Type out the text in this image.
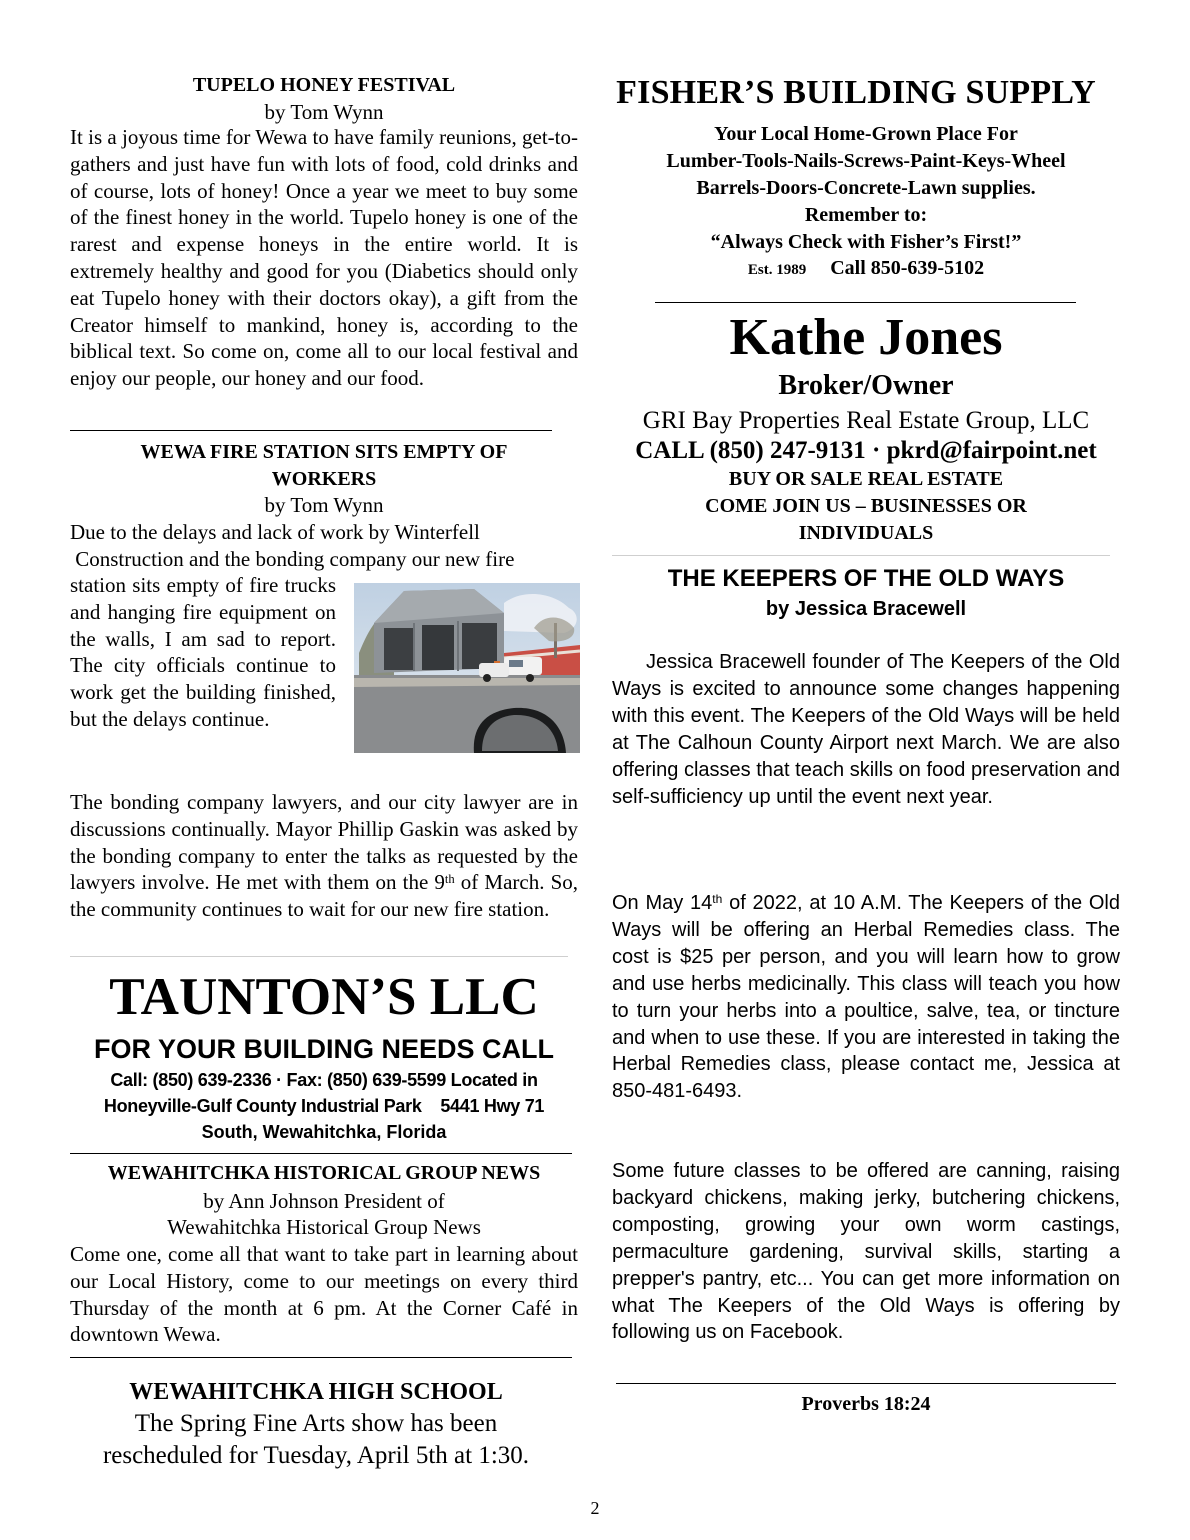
TUPELO HONEY FESTIVAL
by Tom Wynn

It is a joyous time for Wewa to have family reunions, get-to-gathers and just have fun with lots of food, cold drinks and of course, lots of honey! Once a year we meet to buy some of the finest honey in the world. Tupelo honey is one of the rarest and expense honeys in the entire world. It is extremely healthy and good for you (Diabetics should only eat Tupelo honey with their doctors okay), a gift from the Creator himself to mankind, honey is, according to the biblical text. So come on, come all to our local festival and enjoy our people, our honey and our food.

WEWA FIRE STATION SITS EMPTY OF
WORKERS
by Tom Wynn
Due to the delays and lack of work by Winterfell
Construction and the bonding company our new fire

station sits empty of fire trucks and hanging fire equipment on the walls, I am sad to report. The city officials continue to work get the building finished, but the delays continue.

The bonding company lawyers, and our city lawyer are in discussions continually. Mayor Phillip Gaskin was asked by the bonding company to enter the talks as requested by the lawyers involve. He met with them on the 9th of March. So, the community continues to wait for our new fire station.

TAUNTON’S LLC
FOR YOUR BUILDING NEEDS CALL
Call: (850) 639-2336 · Fax: (850) 639-5599 Located in
Honeyville-Gulf County Industrial Park    5441 Hwy 71
South, Wewahitchka, Florida
WEWAHITCHKA HISTORICAL GROUP NEWS
by Ann Johnson President of
Wewahitchka Historical Group News

Come one, come all that want to take part in learning about our Local History, come to our meetings on every third Thursday of the month at 6 pm. At the Corner Café in downtown Wewa.

WEWAHITCHKA HIGH SCHOOL
The Spring Fine Arts show has been
rescheduled for Tuesday, April 5th at 1:30.
FISHER’S BUILDING SUPPLY
Your Local Home-Grown Place For
Lumber-Tools-Nails-Screws-Paint-Keys-Wheel
Barrels-Doors-Concrete-Lawn supplies.
Remember to:
“Always Check with Fisher’s First!”
Est. 1989 Call 850-639-5102
Kathe Jones
Broker/Owner
GRI Bay Properties Real Estate Group, LLC
CALL (850) 247-9131 · pkrd@fairpoint.net
BUY OR SALE REAL ESTATE
COME JOIN US – BUSINESSES OR
INDIVIDUALS
THE KEEPERS OF THE OLD WAYS
by Jessica Bracewell

Jessica Bracewell founder of The Keepers of the Old Ways is excited to announce some changes happening with this event. The Keepers of the Old Ways will be held at The Calhoun County Airport next March. We are also offering classes that teach skills on food preservation and self-sufficiency up until the event next year.

On May 14th of 2022, at 10 A.M. The Keepers of the Old Ways will be offering an Herbal Remedies class. The cost is $25 per person, and you will learn how to grow and use herbs medicinally. This class will teach you how to turn your herbs into a poultice, salve, tea, or tincture and when to use these. If you are interested in taking the Herbal Remedies class, please contact me, Jessica at 850-481-6493.

Some future classes to be offered are canning, raising backyard chickens, making jerky, butchering chickens, composting, growing your own worm castings, permaculture gardening, survival skills, starting a prepper's pantry, etc... You can get more information on what The Keepers of the Old Ways is offering by following us on Facebook.

Proverbs 18:24
2
